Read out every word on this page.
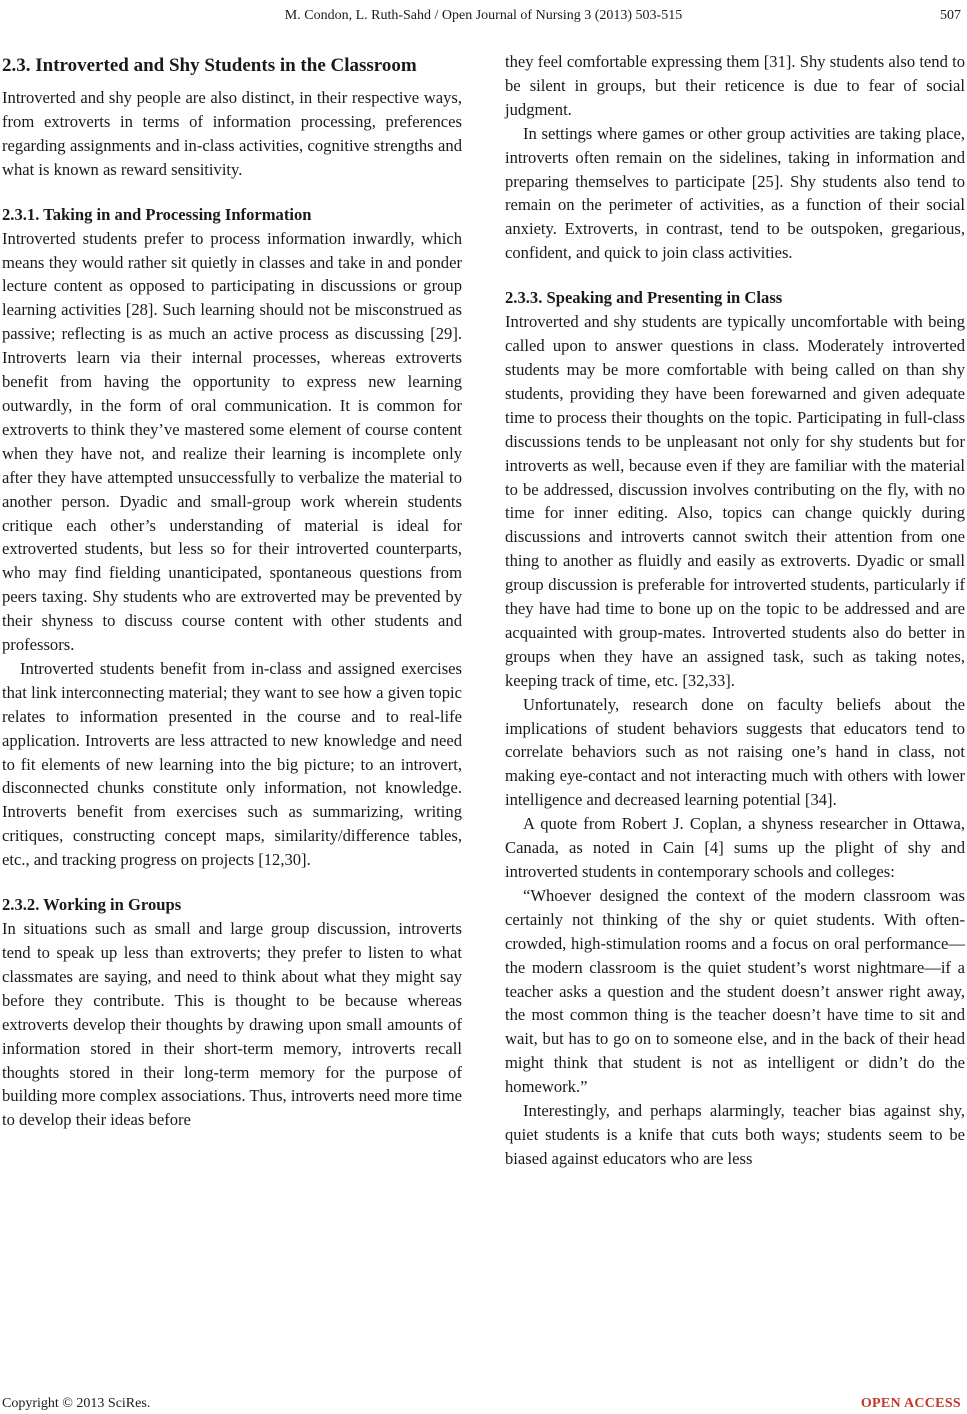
M. Condon, L. Ruth-Sahd / Open Journal of Nursing 3 (2013) 503-515	507
2.3. Introverted and Shy Students in the Classroom

Introverted and shy people are also distinct, in their respective ways, from extroverts in terms of information processing, preferences regarding assignments and in-class activities, cognitive strengths and what is known as reward sensitivity.

2.3.1. Taking in and Processing Information

Introverted students prefer to process information inwardly, which means they would rather sit quietly in classes and take in and ponder lecture content as opposed to participating in discussions or group learning activities [28]. Such learning should not be misconstrued as passive; reflecting is as much an active process as discussing [29]. Introverts learn via their internal processes, whereas extroverts benefit from having the opportunity to express new learning outwardly, in the form of oral communication. It is common for extroverts to think they’ve mastered some element of course content when they have not, and realize their learning is incomplete only after they have attempted unsuccessfully to verbalize the material to another person. Dyadic and small-group work wherein students critique each other’s understanding of material is ideal for extroverted students, but less so for their introverted counterparts, who may find fielding unanticipated, spontaneous questions from peers taxing. Shy students who are extroverted may be prevented by their shyness to discuss course content with other students and professors.

Introverted students benefit from in-class and assigned exercises that link interconnecting material; they want to see how a given topic relates to information presented in the course and to real-life application. Introverts are less attracted to new knowledge and need to fit elements of new learning into the big picture; to an introvert, disconnected chunks constitute only information, not knowledge. Introverts benefit from exercises such as summarizing, writing critiques, constructing concept maps, similarity/difference tables, etc., and tracking progress on projects [12,30].

2.3.2. Working in Groups

In situations such as small and large group discussion, introverts tend to speak up less than extroverts; they prefer to listen to what classmates are saying, and need to think about what they might say before they contribute. This is thought to be because whereas extroverts develop their thoughts by drawing upon small amounts of information stored in their short-term memory, introverts recall thoughts stored in their long-term memory for the purpose of building more complex associations. Thus, introverts need more time to develop their ideas before

they feel comfortable expressing them [31]. Shy students also tend to be silent in groups, but their reticence is due to fear of social judgment.

In settings where games or other group activities are taking place, introverts often remain on the sidelines, taking in information and preparing themselves to participate [25]. Shy students also tend to remain on the perimeter of activities, as a function of their social anxiety. Extroverts, in contrast, tend to be outspoken, gregarious, confident, and quick to join class activities.

2.3.3. Speaking and Presenting in Class

Introverted and shy students are typically uncomfortable with being called upon to answer questions in class. Moderately introverted students may be more comfortable with being called on than shy students, providing they have been forewarned and given adequate time to process their thoughts on the topic. Participating in full-class discussions tends to be unpleasant not only for shy students but for introverts as well, because even if they are familiar with the material to be addressed, discussion involves contributing on the fly, with no time for inner editing. Also, topics can change quickly during discussions and introverts cannot switch their attention from one thing to another as fluidly and easily as extroverts. Dyadic or small group discussion is preferable for introverted students, particularly if they have had time to bone up on the topic to be addressed and are acquainted with group-mates. Introverted students also do better in groups when they have an assigned task, such as taking notes, keeping track of time, etc. [32,33].

Unfortunately, research done on faculty beliefs about the implications of student behaviors suggests that educators tend to correlate behaviors such as not raising one’s hand in class, not making eye-contact and not interacting much with others with lower intelligence and decreased learning potential [34].

A quote from Robert J. Coplan, a shyness researcher in Ottawa, Canada, as noted in Cain [4] sums up the plight of shy and introverted students in contemporary schools and colleges:

“Whoever designed the context of the modern classroom was certainly not thinking of the shy or quiet students. With often-crowded, high-stimulation rooms and a focus on oral performance—the modern classroom is the quiet student’s worst nightmare—if a teacher asks a question and the student doesn’t answer right away, the most common thing is the teacher doesn’t have time to sit and wait, but has to go on to someone else, and in the back of their head might think that student is not as intelligent or didn’t do the homework.”

Interestingly, and perhaps alarmingly, teacher bias against shy, quiet students is a knife that cuts both ways; students seem to be biased against educators who are less

Copyright © 2013 SciRes.	OPEN ACCESS
